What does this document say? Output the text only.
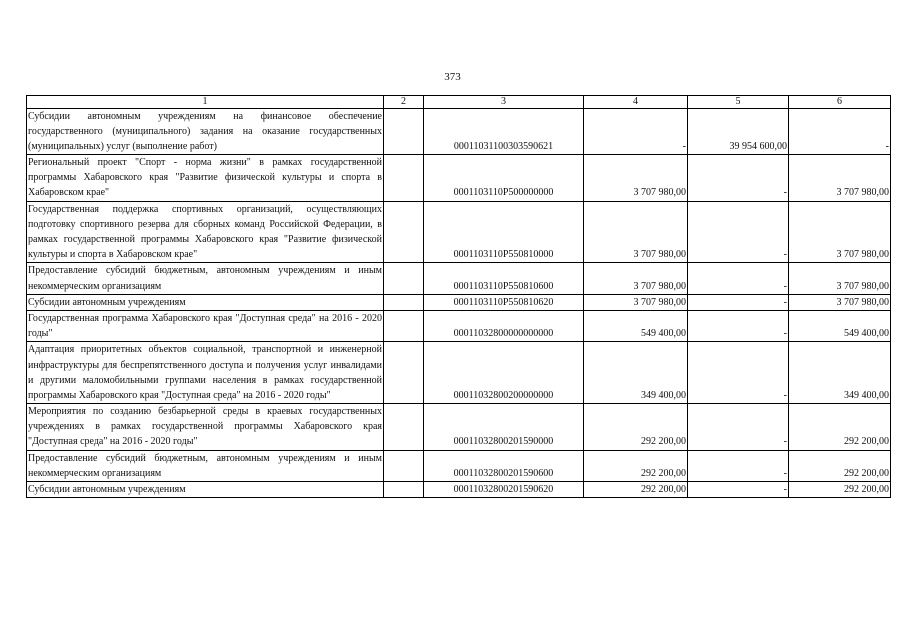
373
1	2	3	4	5	6
Субсидии автономным учреждениям на финансовое обеспечение государственного (муниципального) задания на оказание государственных (муниципальных) услуг (выполнение работ)		00011031100303590621	-	39 954 600,00	-
Региональный проект "Спорт - норма жизни" в рамках государственной программы Хабаровского края "Развитие физической культуры и спорта в Хабаровском крае"		0001103110P500000000	3 707 980,00	-	3 707 980,00
Государственная поддержка спортивных организаций, осуществляющих подготовку спортивного резерва для сборных команд Российской Федерации, в рамках государственной программы Хабаровского края "Развитие физической культуры и спорта в Хабаровском крае"		0001103110P550810000	3 707 980,00	-	3 707 980,00
Предоставление субсидий бюджетным, автономным учреждениям и иным некоммерческим организациям		0001103110P550810600	3 707 980,00	-	3 707 980,00
Субсидии автономным учреждениям		0001103110P550810620	3 707 980,00	-	3 707 980,00
Государственная программа Хабаровского края "Доступная среда" на 2016 - 2020 годы"		00011032800000000000	549 400,00	-	549 400,00
Адаптация приоритетных объектов социальной, транспортной и инженерной инфраструктуры для беспрепятственного доступа и получения услуг инвалидами и другими маломобильными группами населения в рамках государственной программы Хабаровского края "Доступная среда" на 2016 - 2020 годы"		00011032800200000000	349 400,00	-	349 400,00
Мероприятия по созданию безбарьерной среды в краевых государственных учреждениях в рамках государственной программы Хабаровского края "Доступная среда" на 2016 - 2020 годы"		00011032800201590000	292 200,00	-	292 200,00
Предоставление субсидий бюджетным, автономным учреждениям и иным некоммерческим организациям		00011032800201590600	292 200,00	-	292 200,00
Субсидии автономным учреждениям		00011032800201590620	292 200,00	-	292 200,00
